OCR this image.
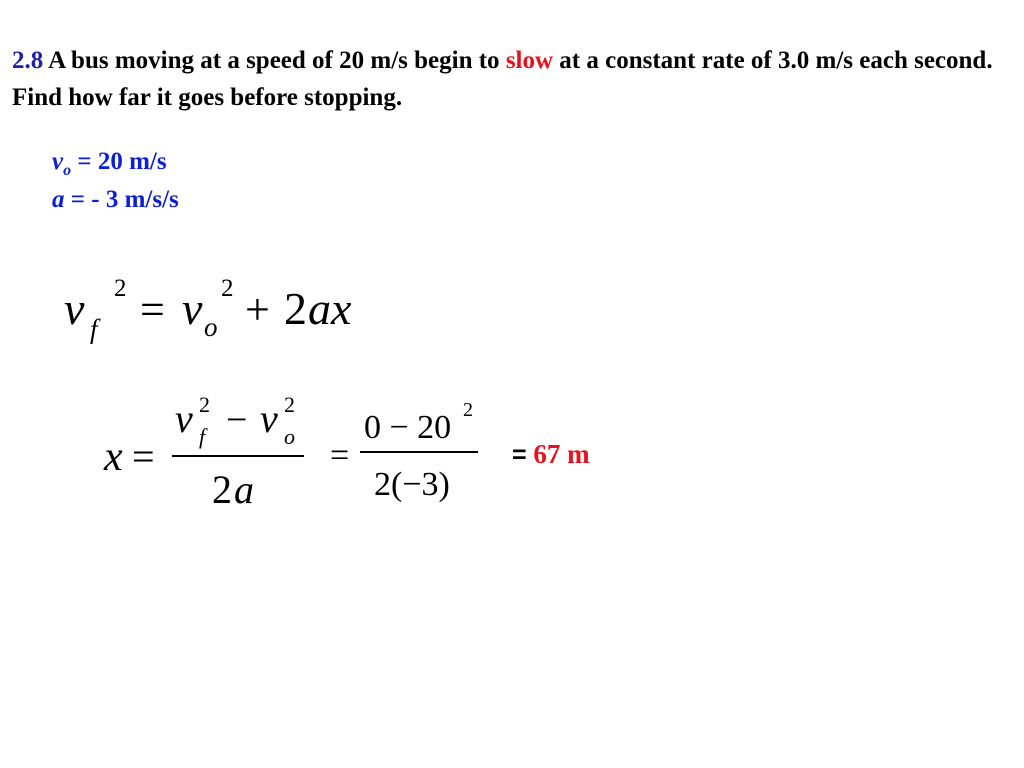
2.8 A bus moving at a speed of 20 m/s begin to slow at a constant rate of 3.0 m/s each second. Find how far it goes before stopping.
$v_o = 20$ m/s
a = - 3 m/s/s
v f
2 = v o
2 + 2 ax
x =
v 2
f − v 2
o
2 a
=
0 − 20 2
2(−3)
= 67 m
